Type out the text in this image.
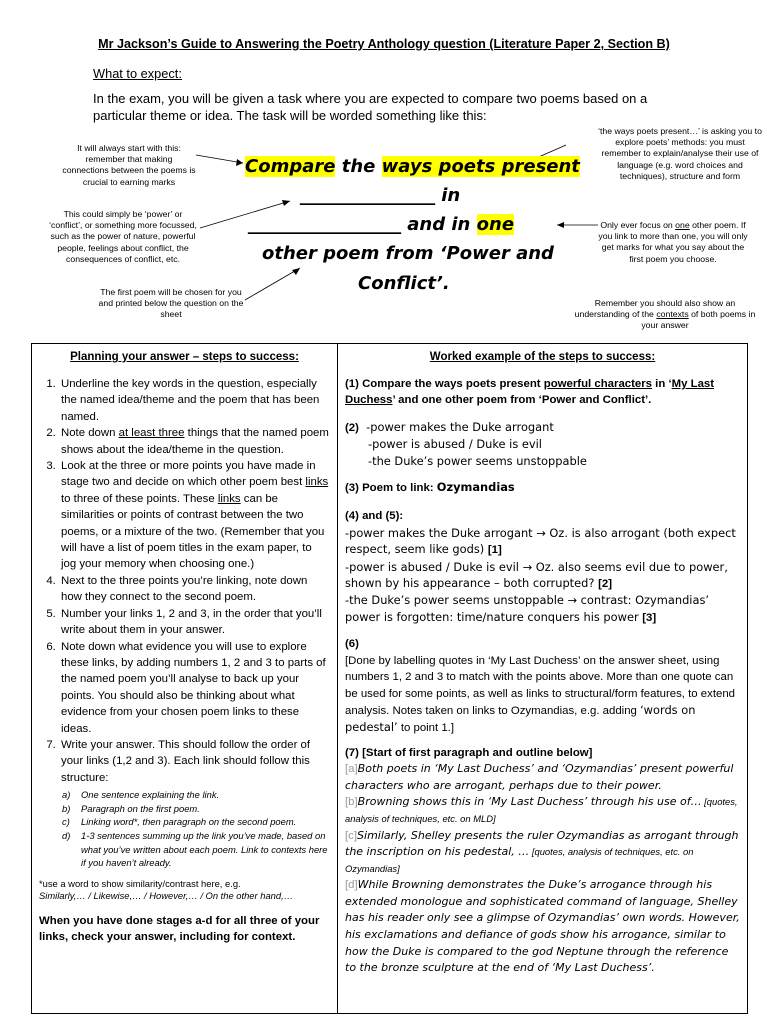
Mr Jackson’s Guide to Answering the Poetry Anthology question (Literature Paper 2, Section B)
What to expect:
In the exam, you will be given a task where you are expected to compare two poems based on a particular theme or idea. The task will be worded something like this:
It will always start with this: remember that making connections between the poems is crucial to earning marks
This could simply be ‘power’ or ‘conflict’, or something more focussed, such as the power of nature, powerful people, feelings about conflict, the consequences of conflict, etc.
The first poem will be chosen for you and printed below the question on the sheet
‘the ways poets present…’ is asking you to explore poets’ methods: you must remember to explain/analyse their use of language (e.g. word choices and techniques), structure and form
Only ever focus on one other poem. If you link to more than one, you will only get marks for what you say about the first poem you choose.
Remember you should also show an understanding of the contexts of both poems in your answer
Compare the ways poets present
_______________ in
_________________ and in one
other poem from ‘Power and
Conflict’.
Planning your answer – steps to success:
1. Underline the key words in the question, especially the named idea/theme and the poem that has been named.
2. Note down at least three things that the named poem shows about the idea/theme in the question.
3. Look at the three or more points you have made in stage two and decide on which other poem best links to three of these points. These links can be similarities or points of contrast between the two poems, or a mixture of the two. (Remember that you will have a list of poem titles in the exam paper, to jog your memory when choosing one.)
4. Next to the three points you’re linking, note down how they connect to the second poem.
5. Number your links 1, 2 and 3, in the order that you’ll write about them in your answer.
6. Note down what evidence you will use to explore these links, by adding numbers 1, 2 and 3 to parts of the named poem you’ll analyse to back up your points. You should also be thinking about what evidence from your chosen poem links to these ideas.
7. Write your answer. This should follow the order of your links (1,2 and 3). Each link should follow this structure:
a) One sentence explaining the link.
b) Paragraph on the first poem.
c) Linking word*, then paragraph on the second poem.
d) 1-3 sentences summing up the link you’ve made, based on what you’ve written about each poem. Link to contexts here if you haven’t already.
*use a word to show similarity/contrast here, e.g.
Similarly,… / Likewise,… / However,… / On the other hand,…
When you have done stages a-d for all three of your links, check your answer, including for context.
Worked example of the steps to success:

(1) Compare the ways poets present powerful characters in ‘My Last Duchess’ and one other poem from ‘Power and Conflict’.

(2) -power makes the Duke arrogant
-power is abused / Duke is evil
-the Duke’s power seems unstoppable

(3) Poem to link: Ozymandias

(4) and (5):

-power makes the Duke arrogant → Oz. is also arrogant (both expect respect, seem like gods) [1]
-power is abused / Duke is evil → Oz. also seems evil due to power, shown by his appearance – both corrupted? [2]
-the Duke’s power seems unstoppable → contrast: Ozymandias’ power is forgotten: time/nature conquers his power [3]

(6)

[Done by labelling quotes in ‘My Last Duchess’ on the answer sheet, using numbers 1, 2 and 3 to match with the points above. More than one quote can be used for some points, as well as links to structural/form features, to extend analysis. Notes taken on links to Ozymandias, e.g. adding ‘words on pedestal’ to point 1.]

(7) [Start of first paragraph and outline below]

[a]Both poets in ‘My Last Duchess’ and ‘Ozymandias’ present powerful characters who are arrogant, perhaps due to their power.
[b]Browning shows this in ‘My Last Duchess’ through his use of… [quotes, analysis of techniques, etc. on MLD]
[c]Similarly, Shelley presents the ruler Ozymandias as arrogant through the inscription on his pedestal, … [quotes, analysis of techniques, etc. on Ozymandias]
[d]While Browning demonstrates the Duke’s arrogance through his extended monologue and sophisticated command of language, Shelley has his reader only see a glimpse of Ozymandias’ own words. However, his exclamations and defiance of gods show his arrogance, similar to how the Duke is compared to the god Neptune through the reference to the bronze sculpture at the end of ‘My Last Duchess’.
